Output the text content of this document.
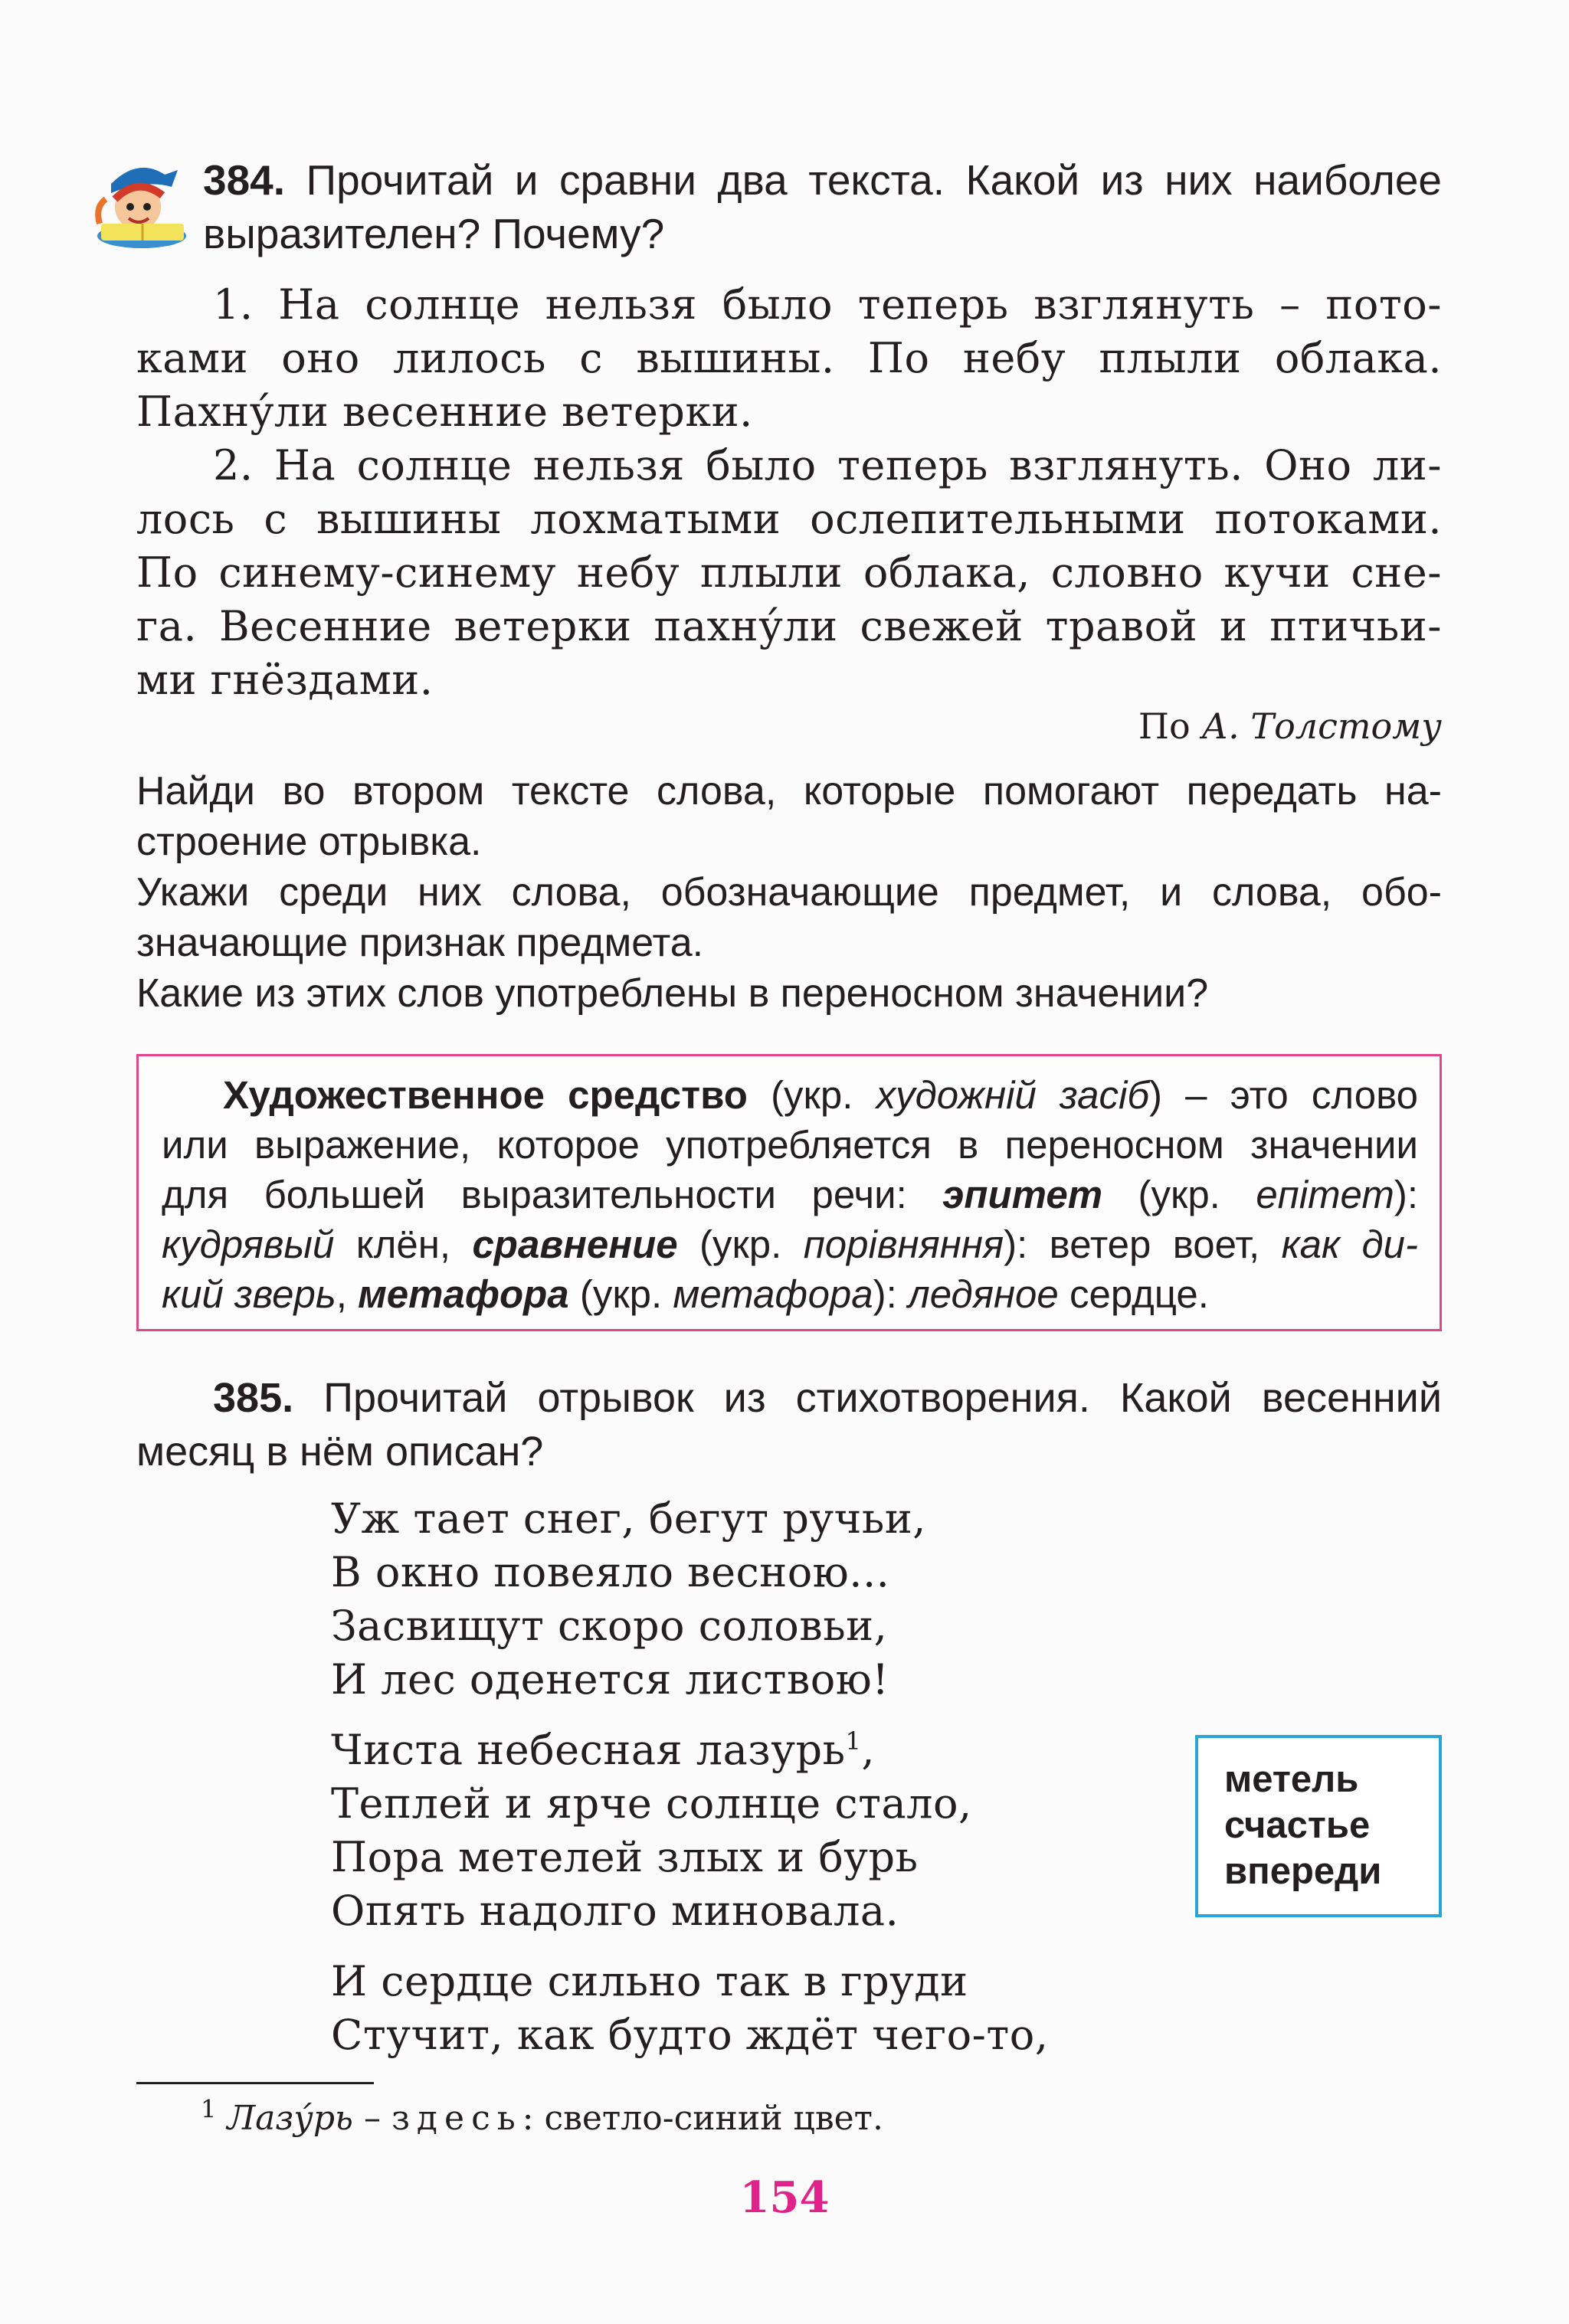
384. Прочитай и сравни два текста. Какой из них наиболее
выразителен? Почему?
1. На солнце нельзя было теперь взглянуть – пото-
ками оно лилось с вышины. По небу плыли облака.
Пахну́ли весенние ветерки.
2. На солнце нельзя было теперь взглянуть. Оно ли-
лось с вышины лохматыми ослепительными потоками.
По синему-синему небу плыли облака, словно кучи сне-
га. Весенние ветерки пахну́ли свежей травой и птичьи-
ми гнёздами.
По А. Толстому
Найди во втором тексте слова, которые помогают передать на-
строение отрывка.
Укажи среди них слова, обозначающие предмет, и слова, обо-
значающие признак предмета.
Какие из этих слов употреблены в переносном значении?
Художественное средство (укр. художній засіб) – это слово
или выражение, которое употребляется в переносном значении
для большей выразительности речи: эпитет (укр. епітет):
кудрявый клён, сравнение (укр. порівняння): ветер воет, как ди-
кий зверь, метафора (укр. метафора): ледяное сердце.
385. Прочитай отрывок из стихотворения. Какой весенний
месяц в нём описан?
Уж тает снег, бегут ручьи,
В окно повеяло весною...
Засвищут скоро соловьи,
И лес оденется листвою!
Чиста небесная лазурь$^1$,
Теплей и ярче солнце стало,
Пора метелей злых и бурь
Опять надолго миновала.
И сердце сильно так в груди
Стучит, как будто ждёт чего-то,
метель
счастье
впереди
$^1$ Лазу́рь – здесь: светло-синий цвет.
154
